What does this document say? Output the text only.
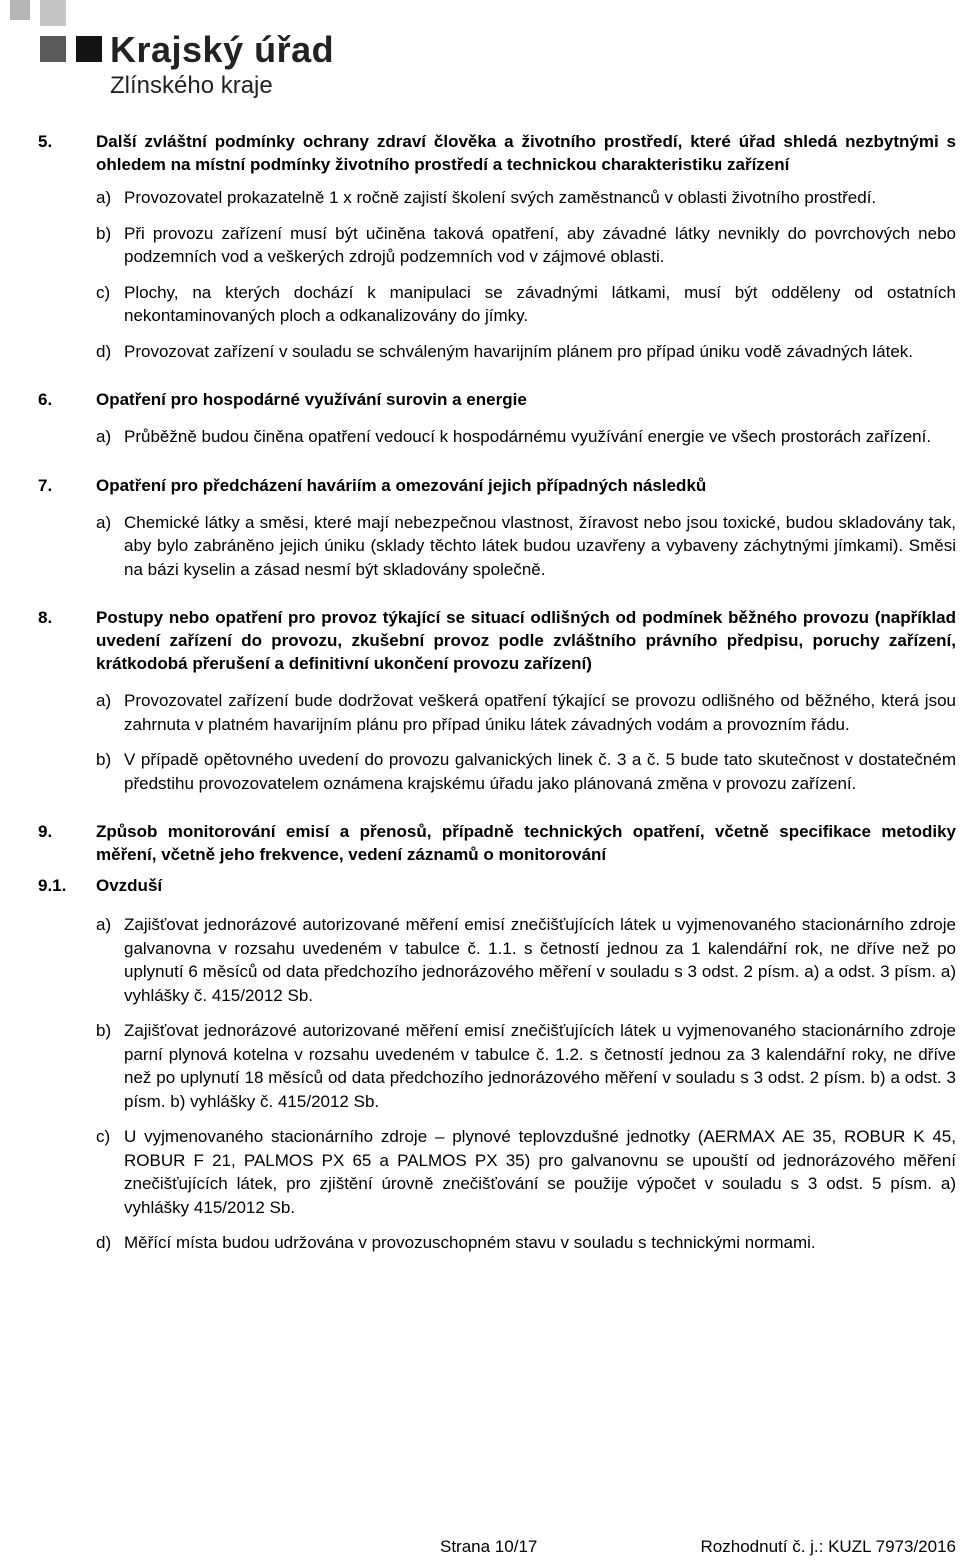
Krajský úřad
Zlínského kraje
5.	Další zvláštní podmínky ochrany zdraví člověka a životního prostředí, které úřad shledá nezbytnými s ohledem na místní podmínky životního prostředí a technickou charakteristiku zařízení
a) Provozovatel prokazatelně 1 x ročně zajistí školení svých zaměstnanců v oblasti životního prostředí.
b) Při provozu zařízení musí být učiněna taková opatření, aby závadné látky nevnikly do povrchových nebo podzemních vod a veškerých zdrojů podzemních vod v zájmové oblasti.
c) Plochy, na kterých dochází k manipulaci se závadnými látkami, musí být odděleny od ostatních nekontaminovaných ploch a odkanalizovány do jímky.
d) Provozovat zařízení v souladu se schváleným havarijním plánem pro případ úniku vodě závadných látek.
6.	Opatření pro hospodárné využívání surovin a energie
a) Průběžně budou činěna opatření vedoucí k hospodárnému využívání energie ve všech prostorách zařízení.
7.	Opatření pro předcházení haváriím a omezování jejich případných následků
a) Chemické látky a směsi, které mají nebezpečnou vlastnost, žíravost nebo jsou toxické, budou skladovány tak, aby bylo zabráněno jejich úniku (sklady těchto látek budou uzavřeny a vybaveny záchytnými jímkami). Směsi na bázi kyselin a zásad nesmí být skladovány společně.
8.	Postupy nebo opatření pro provoz týkající se situací odlišných od podmínek běžného provozu (například uvedení zařízení do provozu, zkušební provoz podle zvláštního právního předpisu, poruchy zařízení, krátkodobá přerušení a definitivní ukončení provozu zařízení)
a) Provozovatel zařízení bude dodržovat veškerá opatření týkající se provozu odlišného od běžného, která jsou zahrnuta v platném havarijním plánu pro případ úniku látek závadných vodám a provozním řádu.
b) V případě opětovného uvedení do provozu galvanických linek č. 3 a č. 5 bude tato skutečnost v dostatečném předstihu provozovatelem oznámena krajskému úřadu jako plánovaná změna v provozu zařízení.
9.	Způsob monitorování emisí a přenosů, případně technických opatření, včetně specifikace metodiky měření, včetně jeho frekvence, vedení záznamů o monitorování
9.1.	Ovzduší
a) Zajišťovat jednorázové autorizované měření emisí znečišťujících látek u vyjmenovaného stacionárního zdroje galvanovna v rozsahu uvedeném v tabulce č. 1.1. s četností jednou za 1 kalendářní rok, ne dříve než po uplynutí 6 měsíců od data předchozího jednorázového měření v souladu s 3 odst. 2 písm. a) a odst. 3 písm. a) vyhlášky č. 415/2012 Sb.
b) Zajišťovat jednorázové autorizované měření emisí znečišťujících látek u vyjmenovaného stacionárního zdroje parní plynová kotelna v rozsahu uvedeném v tabulce č. 1.2. s četností jednou za 3 kalendářní roky, ne dříve než po uplynutí 18 měsíců od data předchozího jednorázového měření v souladu s 3 odst. 2 písm. b) a odst. 3 písm. b) vyhlášky č. 415/2012 Sb.
c) U vyjmenovaného stacionárního zdroje – plynové teplovzdušné jednotky (AERMAX AE 35, ROBUR K 45, ROBUR F 21, PALMOS PX 65 a PALMOS PX 35) pro galvanovnu se upouští od jednorázového měření znečišťujících látek, pro zjištění úrovně znečišťování se použije výpočet v souladu s 3 odst. 5 písm. a) vyhlášky 415/2012 Sb.
d) Měřící místa budou udržována v provozuschopném stavu v souladu s technickými normami.
Strana 10/17	Rozhodnutí č. j.: KUZL 7973/2016
